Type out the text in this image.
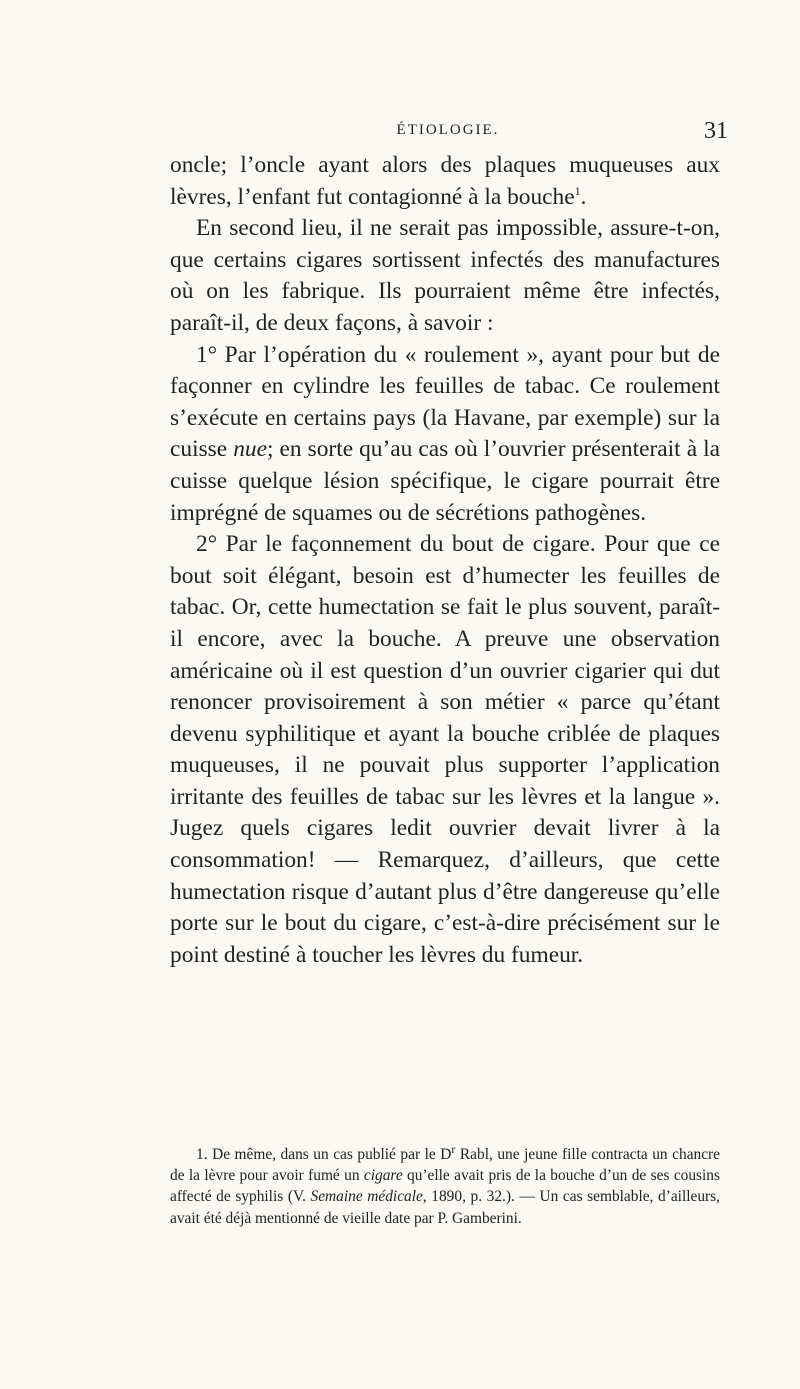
ÉTIOLOGIE.	31

oncle; l’oncle ayant alors des plaques muqueuses aux lèvres, l’enfant fut contagionné à la bouche$^1$.

En second lieu, il ne serait pas impossible, assure-t-on, que certains cigares sortissent infectés des manufactures où on les fabrique. Ils pourraient même être infectés, paraît-il, de deux façons, à savoir :

1° Par l’opération du « roulement », ayant pour but de façonner en cylindre les feuilles de tabac. Ce roulement s’exécute en certains pays (la Havane, par exemple) sur la cuisse nue; en sorte qu’au cas où l’ouvrier présenterait à la cuisse quelque lésion spécifique, le cigare pourrait être imprégné de squames ou de sécrétions pathogènes.

2° Par le façonnement du bout de cigare. Pour que ce bout soit élégant, besoin est d’humecter les feuilles de tabac. Or, cette humectation se fait le plus souvent, paraît-il encore, avec la bouche. A preuve une observation américaine où il est question d’un ouvrier cigarier qui dut renoncer provisoirement à son métier « parce qu’étant devenu syphilitique et ayant la bouche criblée de plaques muqueuses, il ne pouvait plus supporter l’application irritante des feuilles de tabac sur les lèvres et la langue ». Jugez quels cigares ledit ouvrier devait livrer à la consommation! — Remarquez, d’ailleurs, que cette humectation risque d’autant plus d’être dangereuse qu’elle porte sur le bout du cigare, c’est-à-dire précisément sur le point destiné à toucher les lèvres du fumeur.

1. De même, dans un cas publié par le $D^r$ Rabl, une jeune fille contracta un chancre de la lèvre pour avoir fumé un cigare qu’elle avait pris de la bouche d’un de ses cousins affecté de syphilis (V. Semaine médicale, 1890, p. 32.). — Un cas semblable, d’ailleurs, avait été déjà mentionné de vieille date par P. Gamberini.
